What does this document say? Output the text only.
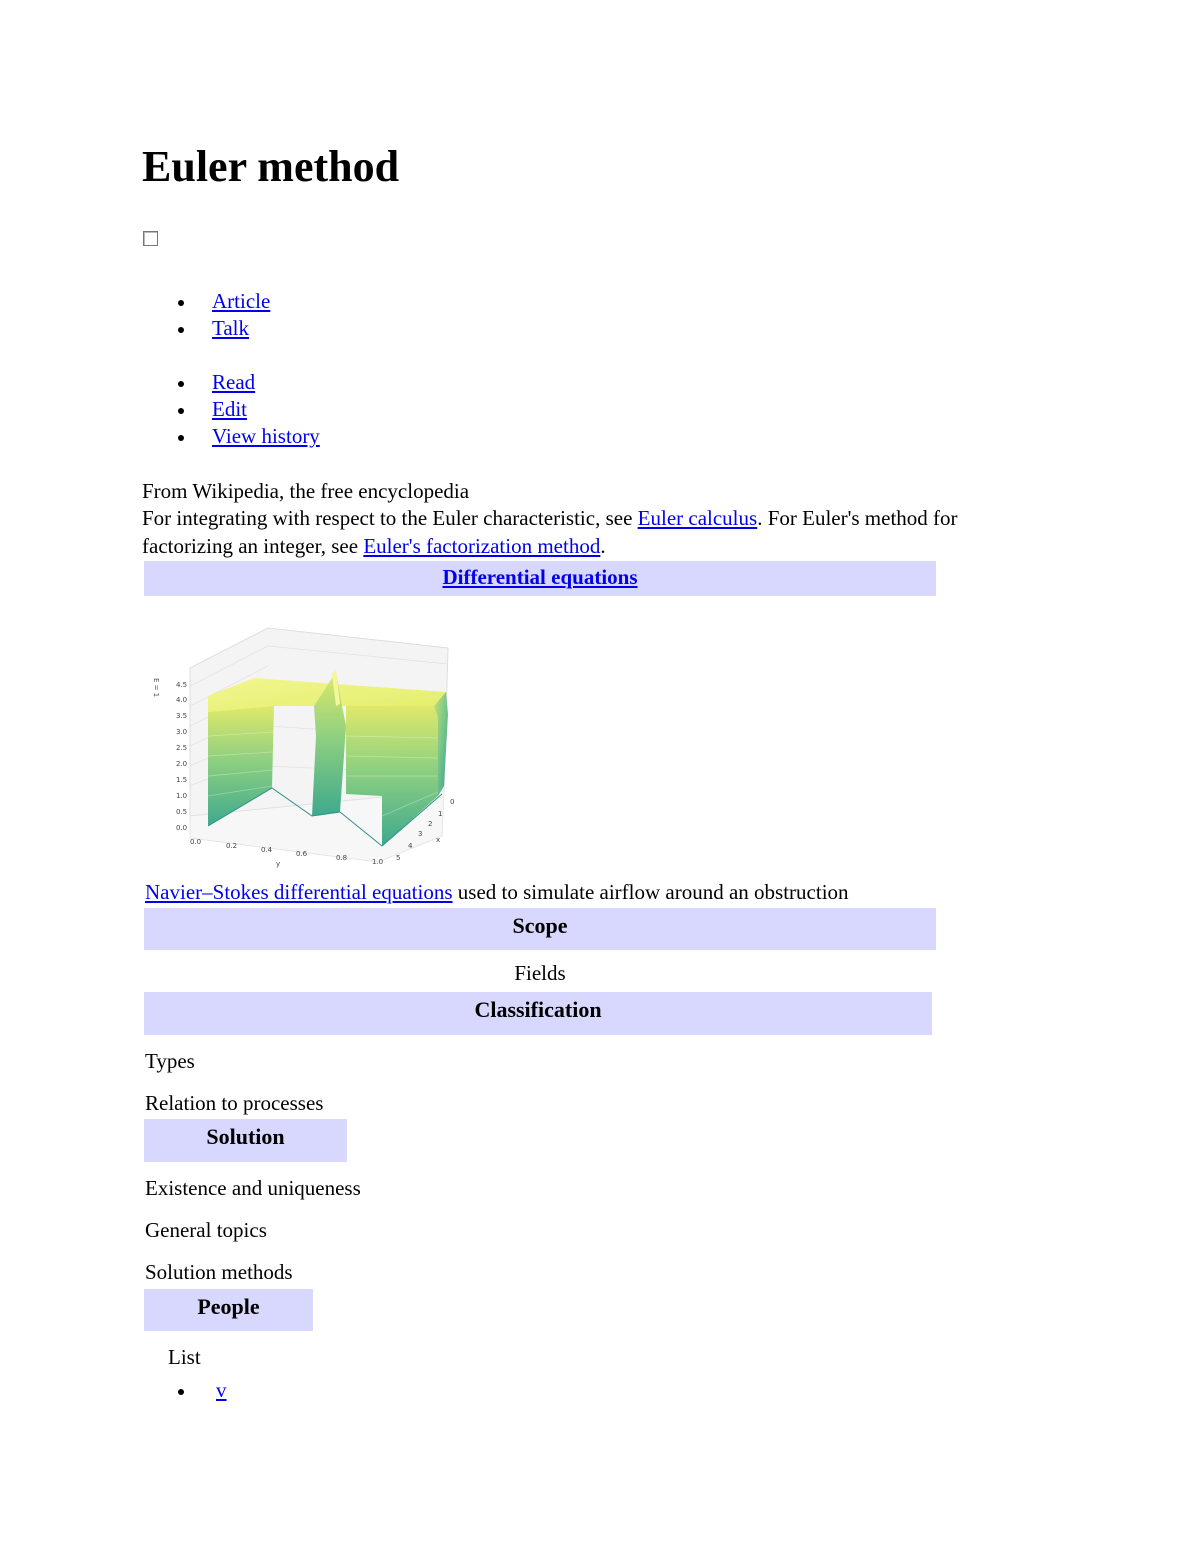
Euler method
Article
Talk
Read
Edit
View history
From Wikipedia, the free encyclopedia
For integrating with respect to the Euler characteristic, see Euler calculus. For Euler's method for
factorizing an integer, see Euler's factorization method.
Differential equations
4.5
4.0
3.5
3.0
2.5
2.0
1.5
1.0
0.5
0.0
0.0	0.2	0.4	0.6	0.8	1.0
0
1
2
3
4
5
y
x
E = 1
Navier–Stokes differential equations used to simulate airflow around an obstruction
Scope
Fields
Classification
Types
Relation to processes
Solution
Existence and uniqueness
General topics
Solution methods
People
List
v
